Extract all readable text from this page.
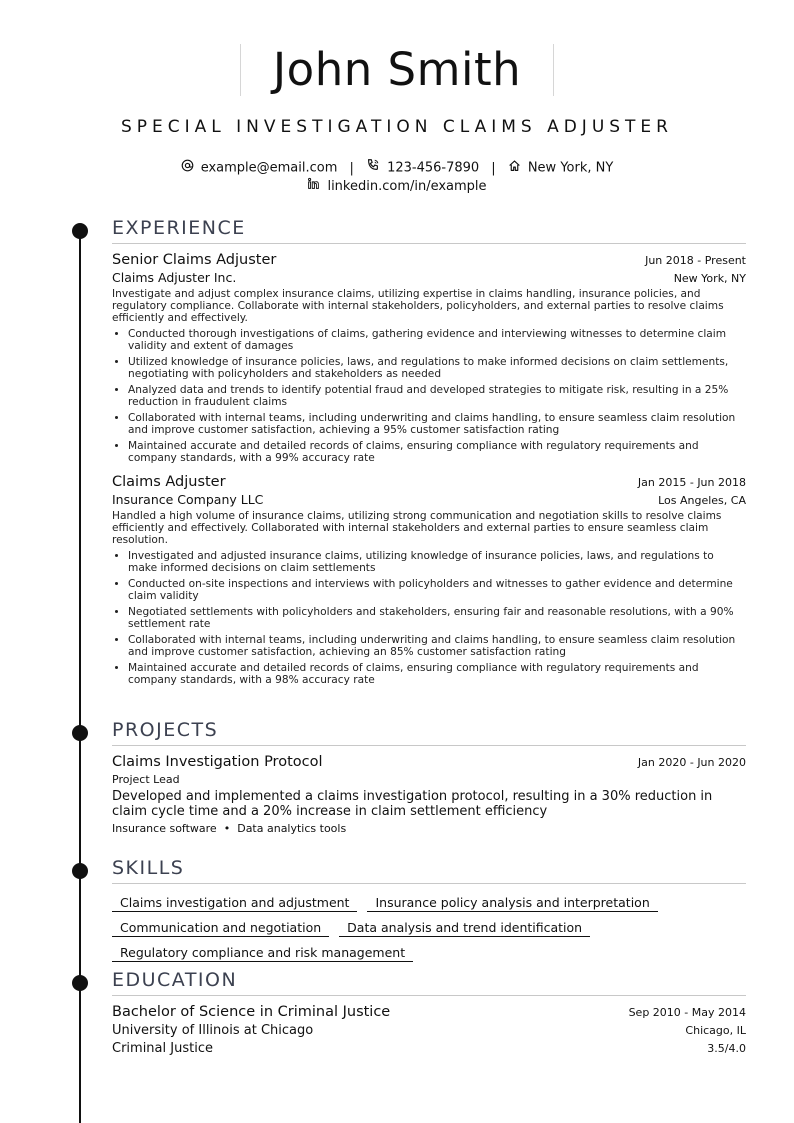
John Smith
SPECIAL INVESTIGATION CLAIMS ADJUSTER
example@email.com |	123-456-7890 | New York, NY
linkedin.com/in/example
EXPERIENCE
Senior Claims Adjuster	Jun 2018 - Present
Claims Adjuster Inc.	New York, NY
Investigate and adjust complex insurance claims, utilizing expertise in claims handling, insurance policies, and regulatory compliance. Collaborate with internal stakeholders, policyholders, and external parties to resolve claims efficiently and effectively.
• Conducted thorough investigations of claims, gathering evidence and interviewing witnesses to determine claim validity and extent of damages
• Utilized knowledge of insurance policies, laws, and regulations to make informed decisions on claim settlements, negotiating with policyholders and stakeholders as needed
• Analyzed data and trends to identify potential fraud and developed strategies to mitigate risk, resulting in a 25% reduction in fraudulent claims
• Collaborated with internal teams, including underwriting and claims handling, to ensure seamless claim resolution and improve customer satisfaction, achieving a 95% customer satisfaction rating
• Maintained accurate and detailed records of claims, ensuring compliance with regulatory requirements and company standards, with a 99% accuracy rate
Claims Adjuster	Jan 2015 - Jun 2018
Insurance Company LLC	Los Angeles, CA
Handled a high volume of insurance claims, utilizing strong communication and negotiation skills to resolve claims efficiently and effectively. Collaborated with internal stakeholders and external parties to ensure seamless claim resolution.
• Investigated and adjusted insurance claims, utilizing knowledge of insurance policies, laws, and regulations to make informed decisions on claim settlements
• Conducted on-site inspections and interviews with policyholders and witnesses to gather evidence and determine claim validity
• Negotiated settlements with policyholders and stakeholders, ensuring fair and reasonable resolutions, with a 90% settlement rate
• Collaborated with internal teams, including underwriting and claims handling, to ensure seamless claim resolution and improve customer satisfaction, achieving an 85% customer satisfaction rating
• Maintained accurate and detailed records of claims, ensuring compliance with regulatory requirements and company standards, with a 98% accuracy rate
PROJECTS
Claims Investigation Protocol	Jan 2020 - Jun 2020
Project Lead
Developed and implemented a claims investigation protocol, resulting in a 30% reduction in claim cycle time and a 20% increase in claim settlement efficiency
Insurance software • Data analytics tools
SKILLS
Claims investigation and adjustment Insurance policy analysis and interpretation
Communication and negotiation Data analysis and trend identification
Regulatory compliance and risk management
EDUCATION
Bachelor of Science in Criminal Justice	Sep 2010 - May 2014
University of Illinois at Chicago	Chicago, IL
Criminal Justice	3.5/4.0
